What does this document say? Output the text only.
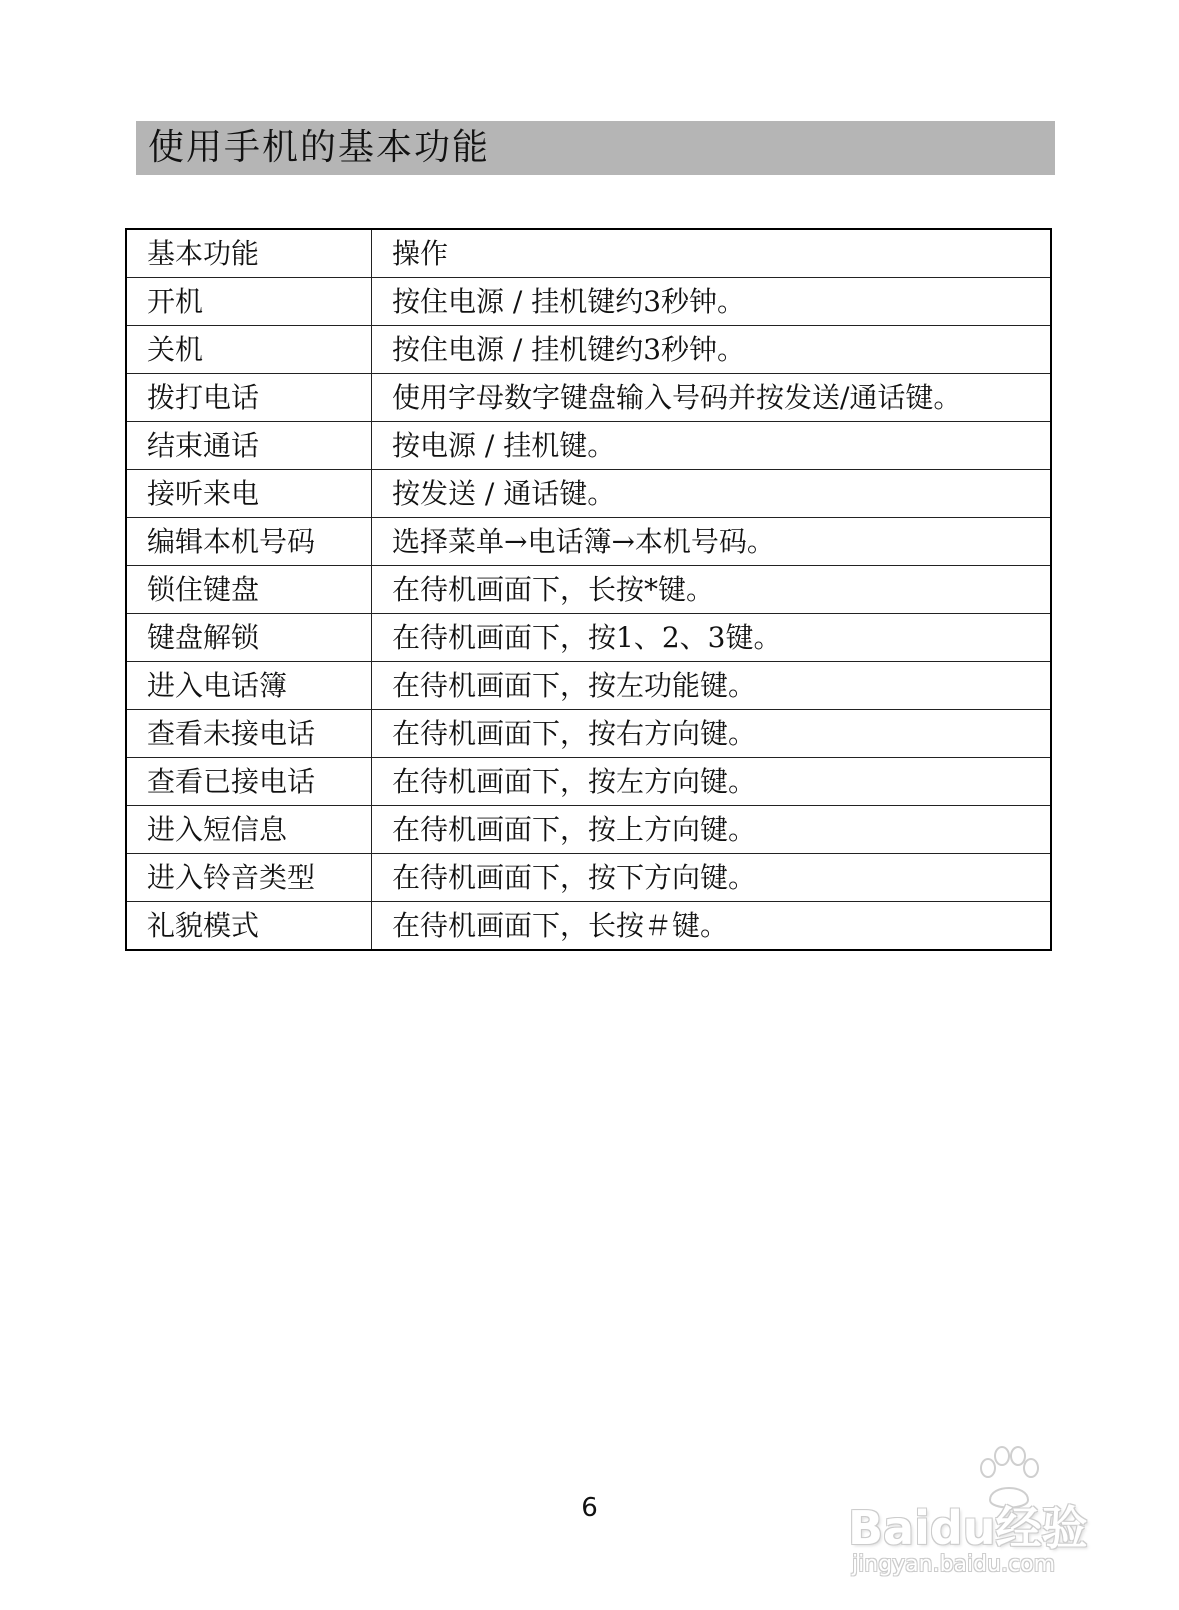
使用手机的基本功能
基本功能	操作
开机	按住电源 / 挂机键约3秒钟。
关机	按住电源 / 挂机键约3秒钟。
拨打电话	使用字母数字键盘输入号码并按发送/通话键。
结束通话	按电源 / 挂机键。
接听来电	按发送 / 通话键。
编辑本机号码	选择菜单→电话簿→本机号码。
锁住键盘	在待机画面下，长按*键。
键盘解锁	在待机画面下，按1、2、3键。
进入电话簿	在待机画面下，按左功能键。
查看未接电话	在待机画面下，按右方向键。
查看已接电话	在待机画面下，按左方向键。
进入短信息	在待机画面下，按上方向键。
进入铃音类型	在待机画面下，按下方向键。
礼貌模式	在待机画面下，长按＃键。
6	Baidu经验
jingyan.baidu.com
